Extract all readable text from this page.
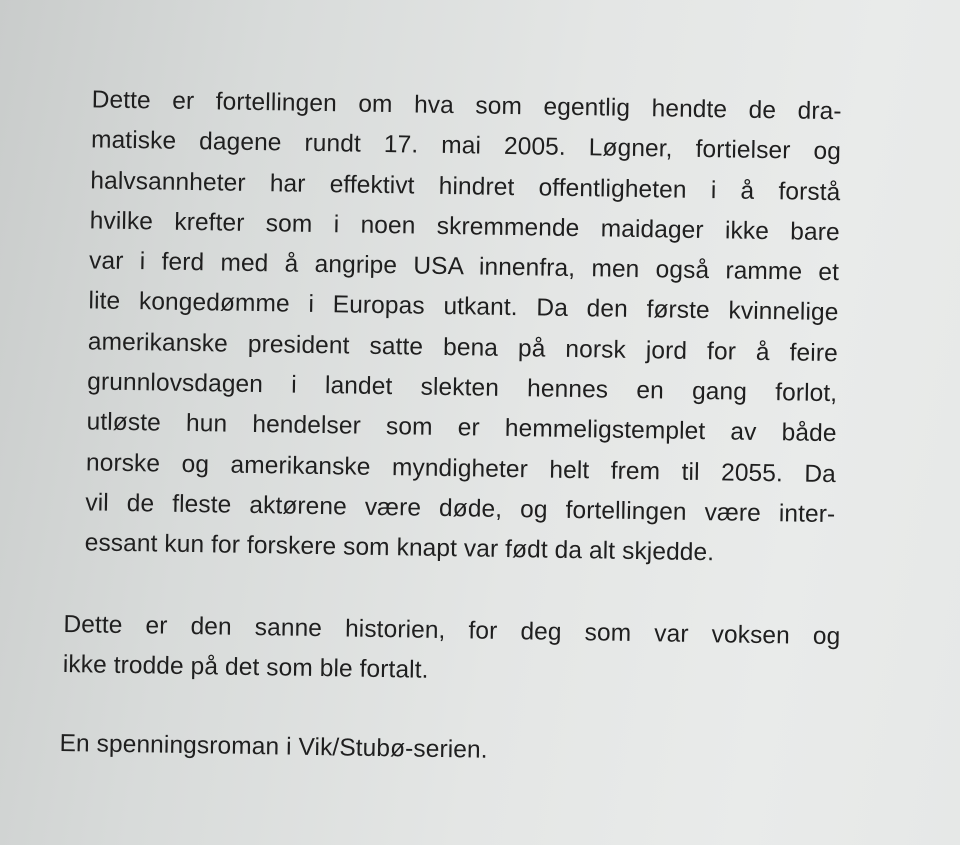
Dette er fortellingen om hva som egentlig hendte de dra-
matiske dagene rundt 17. mai 2005. Løgner, fortielser og
halvsannheter har effektivt hindret offentligheten i å forstå
hvilke krefter som i noen skremmende maidager ikke bare
var i ferd med å angripe USA innenfra, men også ramme et
lite kongedømme i Europas utkant. Da den første kvinnelige
amerikanske president satte bena på norsk jord for å feire
grunnlovsdagen i landet slekten hennes en gang forlot,
utløste hun hendelser som er hemmeligstemplet av både
norske og amerikanske myndigheter helt frem til 2055. Da
vil de fleste aktørene være døde, og fortellingen være inter-
essant kun for forskere som knapt var født da alt skjedde.
Dette er den sanne historien, for deg som var voksen og
ikke trodde på det som ble fortalt.
En spenningsroman i Vik/Stubø-serien.
